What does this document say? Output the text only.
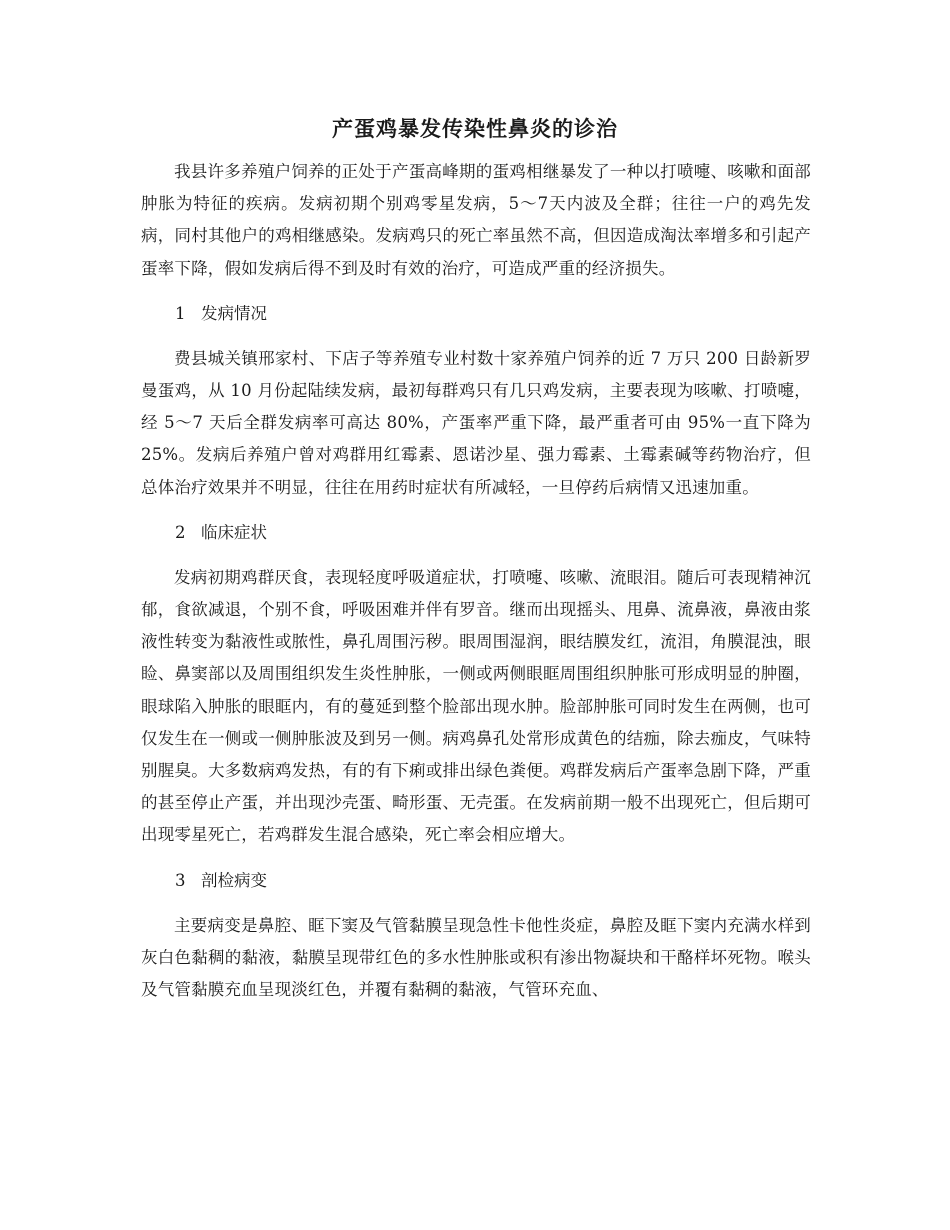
产蛋鸡暴发传染性鼻炎的诊治

我县许多养殖户饲养的正处于产蛋高峰期的蛋鸡相继暴发了一种以打喷嚏、咳嗽和面部肿胀为特征的疾病。发病初期个别鸡零星发病，5～7天内波及全群；往往一户的鸡先发病，同村其他户的鸡相继感染。发病鸡只的死亡率虽然不高，但因造成淘汰率增多和引起产蛋率下降，假如发病后得不到及时有效的治疗，可造成严重的经济损失。

1 发病情况

费县城关镇邢家村、下店子等养殖专业村数十家养殖户饲养的近 7 万只 200 日龄新罗曼蛋鸡，从 10 月份起陆续发病，最初每群鸡只有几只鸡发病，主要表现为咳嗽、打喷嚏，经 5～7 天后全群发病率可高达 80%，产蛋率严重下降，最严重者可由 95%一直下降为 25%。发病后养殖户曾对鸡群用红霉素、恩诺沙星、强力霉素、土霉素碱等药物治疗，但总体治疗效果并不明显，往往在用药时症状有所减轻，一旦停药后病情又迅速加重。

2 临床症状

发病初期鸡群厌食，表现轻度呼吸道症状，打喷嚏、咳嗽、流眼泪。随后可表现精神沉郁，食欲减退，个别不食，呼吸困难并伴有罗音。继而出现摇头、甩鼻、流鼻液，鼻液由浆液性转变为黏液性或脓性，鼻孔周围污秽。眼周围湿润，眼结膜发红，流泪，角膜混浊，眼睑、鼻窦部以及周围组织发生炎性肿胀，一侧或两侧眼眶周围组织肿胀可形成明显的肿圈，眼球陷入肿胀的眼眶内，有的蔓延到整个脸部出现水肿。脸部肿胀可同时发生在两侧，也可仅发生在一侧或一侧肿胀波及到另一侧。病鸡鼻孔处常形成黄色的结痂，除去痂皮，气味特别腥臭。大多数病鸡发热，有的有下痢或排出绿色粪便。鸡群发病后产蛋率急剧下降，严重的甚至停止产蛋，并出现沙壳蛋、畸形蛋、无壳蛋。在发病前期一般不出现死亡，但后期可出现零星死亡，若鸡群发生混合感染，死亡率会相应增大。

3 剖检病变

主要病变是鼻腔、眶下窦及气管黏膜呈现急性卡他性炎症，鼻腔及眶下窦内充满水样到灰白色黏稠的黏液，黏膜呈现带红色的多水性肿胀或积有渗出物凝块和干酪样坏死物。喉头及气管黏膜充血呈现淡红色，并覆有黏稠的黏液，气管环充血、
